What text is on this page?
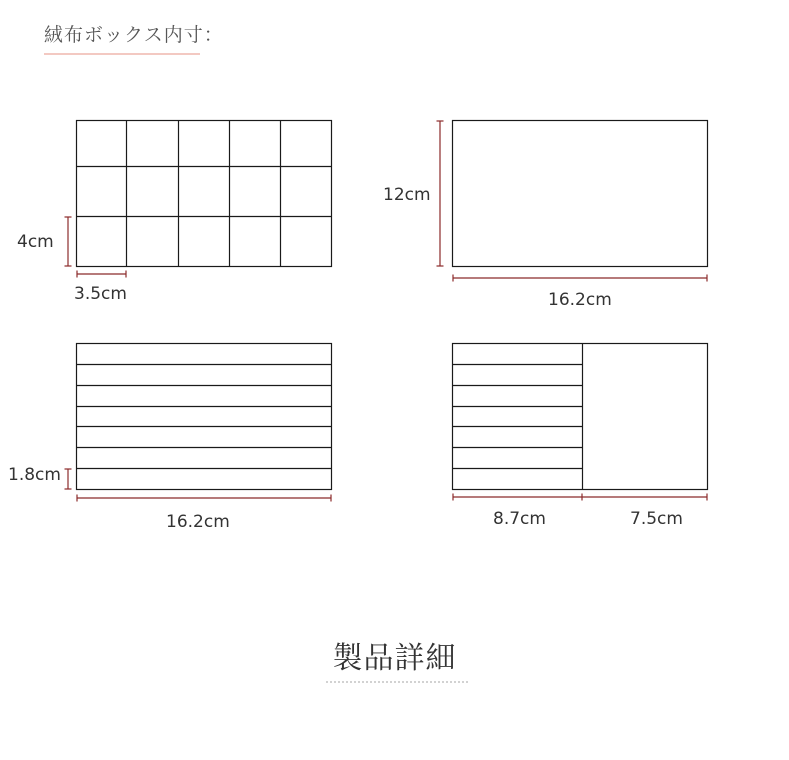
絨布ボックス内寸：
4cm
3.5cm
12cm
16.2cm
1.8cm
16.2cm	8.7cm	7.5cm
製品詳細
